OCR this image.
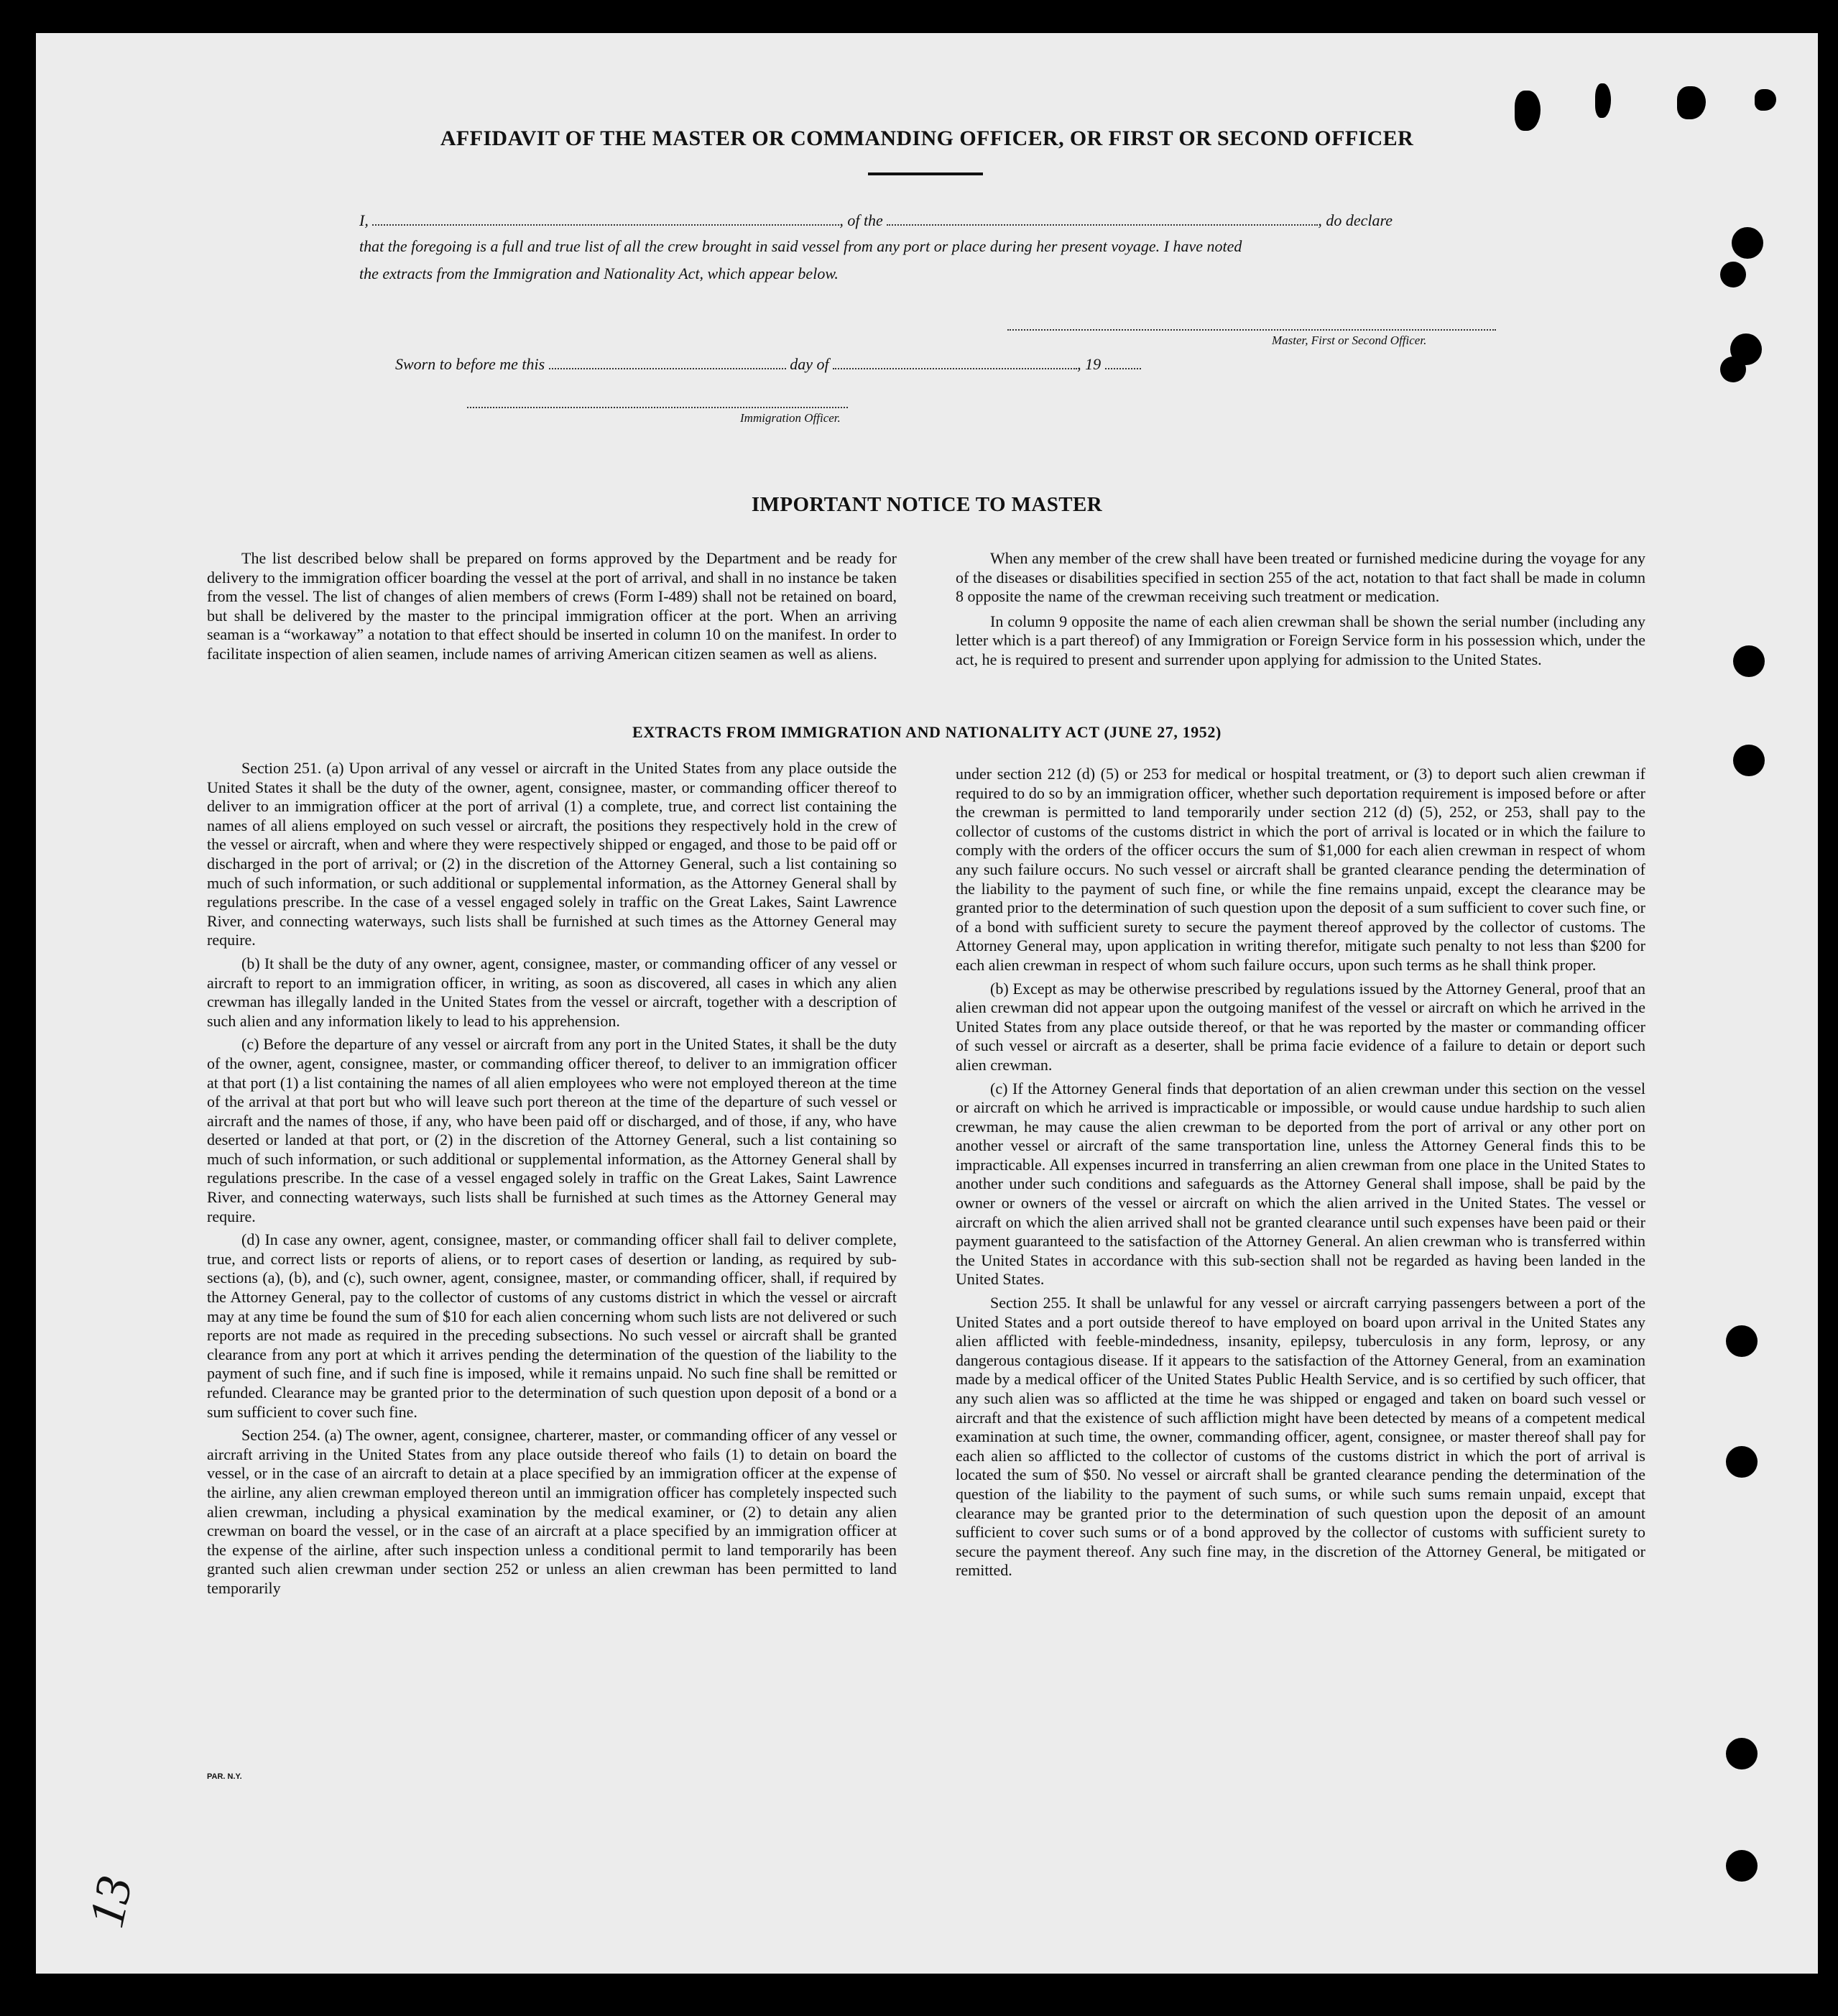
AFFIDAVIT OF THE MASTER OR COMMANDING OFFICER, OR FIRST OR SECOND OFFICER
I,	, of the	, do declare
that the foregoing is a full and true list of all the crew brought in said vessel from any port or place during her present voyage. I have noted
the extracts from the Immigration and Nationality Act, which appear below.
Master, First or Second Officer.
Sworn to before me this	day of	, 19
Immigration Officer.
IMPORTANT NOTICE TO MASTER

The list described below shall be prepared on forms approved by the Department and be ready for delivery to the immigration officer boarding the vessel at the port of arrival, and shall in no instance be taken from the vessel. The list of changes of alien members of crews (Form I-489) shall not be retained on board, but shall be delivered by the master to the principal immigration officer at the port. When an arriving seaman is a “workaway” a notation to that effect should be inserted in column 10 on the manifest. In order to facilitate inspection of alien seamen, include names of arriving American citizen seamen as well as aliens.

When any member of the crew shall have been treated or furnished medicine during the voyage for any of the diseases or disabilities specified in section 255 of the act, notation to that fact shall be made in column 8 opposite the name of the crewman receiving such treatment or medication.

In column 9 opposite the name of each alien crewman shall be shown the serial number (including any letter which is a part thereof) of any Immigration or Foreign Service form in his possession which, under the act, he is required to present and surrender upon applying for admission to the United States.

EXTRACTS FROM IMMIGRATION AND NATIONALITY ACT (JUNE 27, 1952)

Section 251. (a) Upon arrival of any vessel or aircraft in the United States from any place outside the United States it shall be the duty of the owner, agent, consignee, master, or commanding officer thereof to deliver to an immigration officer at the port of arrival (1) a complete, true, and correct list containing the names of all aliens employed on such vessel or aircraft, the positions they respectively hold in the crew of the vessel or aircraft, when and where they were respectively shipped or engaged, and those to be paid off or discharged in the port of arrival; or (2) in the discretion of the Attorney General, such a list containing so much of such information, or such additional or supplemental information, as the Attorney General shall by regulations prescribe. In the case of a vessel engaged solely in traffic on the Great Lakes, Saint Lawrence River, and connecting waterways, such lists shall be furnished at such times as the Attorney General may require.

(b) It shall be the duty of any owner, agent, consignee, master, or commanding officer of any vessel or aircraft to report to an immigration officer, in writing, as soon as discovered, all cases in which any alien crewman has illegally landed in the United States from the vessel or aircraft, together with a description of such alien and any information likely to lead to his apprehension.

(c) Before the departure of any vessel or aircraft from any port in the United States, it shall be the duty of the owner, agent, consignee, master, or commanding officer thereof, to deliver to an immigration officer at that port (1) a list containing the names of all alien employees who were not employed thereon at the time of the arrival at that port but who will leave such port thereon at the time of the departure of such vessel or aircraft and the names of those, if any, who have been paid off or discharged, and of those, if any, who have deserted or landed at that port, or (2) in the discretion of the Attorney General, such a list containing so much of such information, or such additional or supplemental information, as the Attorney General shall by regulations prescribe. In the case of a vessel engaged solely in traffic on the Great Lakes, Saint Lawrence River, and connecting waterways, such lists shall be furnished at such times as the Attorney General may require.

(d) In case any owner, agent, consignee, master, or commanding officer shall fail to deliver complete, true, and correct lists or reports of aliens, or to report cases of desertion or landing, as required by sub-sections (a), (b), and (c), such owner, agent, consignee, master, or commanding officer, shall, if required by the Attorney General, pay to the collector of customs of any customs district in which the vessel or aircraft may at any time be found the sum of $10 for each alien concerning whom such lists are not delivered or such reports are not made as required in the preceding subsections. No such vessel or aircraft shall be granted clearance from any port at which it arrives pending the determination of the question of the liability to the payment of such fine, and if such fine is imposed, while it remains unpaid. No such fine shall be remitted or refunded. Clearance may be granted prior to the determination of such question upon deposit of a bond or a sum sufficient to cover such fine.

Section 254. (a) The owner, agent, consignee, charterer, master, or commanding officer of any vessel or aircraft arriving in the United States from any place outside thereof who fails (1) to detain on board the vessel, or in the case of an aircraft to detain at a place specified by an immigration officer at the expense of the airline, any alien crewman employed thereon until an immigration officer has completely inspected such alien crewman, including a physical examination by the medical examiner, or (2) to detain any alien crewman on board the vessel, or in the case of an aircraft at a place specified by an immigration officer at the expense of the airline, after such inspection unless a conditional permit to land temporarily has been granted such alien crewman under section 252 or unless an alien crewman has been permitted to land temporarily

under section 212 (d) (5) or 253 for medical or hospital treatment, or (3) to deport such alien crewman if required to do so by an immigration officer, whether such deportation requirement is imposed before or after the crewman is permitted to land temporarily under section 212 (d) (5), 252, or 253, shall pay to the collector of customs of the customs district in which the port of arrival is located or in which the failure to comply with the orders of the officer occurs the sum of $1,000 for each alien crewman in respect of whom any such failure occurs. No such vessel or aircraft shall be granted clearance pending the determination of the liability to the payment of such fine, or while the fine remains unpaid, except the clearance may be granted prior to the determination of such question upon the deposit of a sum sufficient to cover such fine, or of a bond with sufficient surety to secure the payment thereof approved by the collector of customs. The Attorney General may, upon application in writing therefor, mitigate such penalty to not less than $200 for each alien crewman in respect of whom such failure occurs, upon such terms as he shall think proper.

(b) Except as may be otherwise prescribed by regulations issued by the Attorney General, proof that an alien crewman did not appear upon the outgoing manifest of the vessel or aircraft on which he arrived in the United States from any place outside thereof, or that he was reported by the master or commanding officer of such vessel or aircraft as a deserter, shall be prima facie evidence of a failure to detain or deport such alien crewman.

(c) If the Attorney General finds that deportation of an alien crewman under this section on the vessel or aircraft on which he arrived is impracticable or impossible, or would cause undue hardship to such alien crewman, he may cause the alien crewman to be deported from the port of arrival or any other port on another vessel or aircraft of the same transportation line, unless the Attorney General finds this to be impracticable. All expenses incurred in transferring an alien crewman from one place in the United States to another under such conditions and safeguards as the Attorney General shall impose, shall be paid by the owner or owners of the vessel or aircraft on which the alien arrived in the United States. The vessel or aircraft on which the alien arrived shall not be granted clearance until such expenses have been paid or their payment guaranteed to the satisfaction of the Attorney General. An alien crewman who is transferred within the United States in accordance with this sub-section shall not be regarded as having been landed in the United States.

Section 255. It shall be unlawful for any vessel or aircraft carrying passengers between a port of the United States and a port outside thereof to have employed on board upon arrival in the United States any alien afflicted with feeble-mindedness, insanity, epilepsy, tuberculosis in any form, leprosy, or any dangerous contagious disease. If it appears to the satisfaction of the Attorney General, from an examination made by a medical officer of the United States Public Health Service, and is so certified by such officer, that any such alien was so afflicted at the time he was shipped or engaged and taken on board such vessel or aircraft and that the existence of such affliction might have been detected by means of a competent medical examination at such time, the owner, commanding officer, agent, consignee, or master thereof shall pay for each alien so afflicted to the collector of customs of the customs district in which the port of arrival is located the sum of $50. No vessel or aircraft shall be granted clearance pending the determination of the question of the liability to the payment of such sums, or while such sums remain unpaid, except that clearance may be granted prior to the determination of such question upon the deposit of an amount sufficient to cover such sums or of a bond approved by the collector of customs with sufficient surety to secure the payment thereof. Any such fine may, in the discretion of the Attorney General, be mitigated or remitted.

PAR. N.Y.
13
